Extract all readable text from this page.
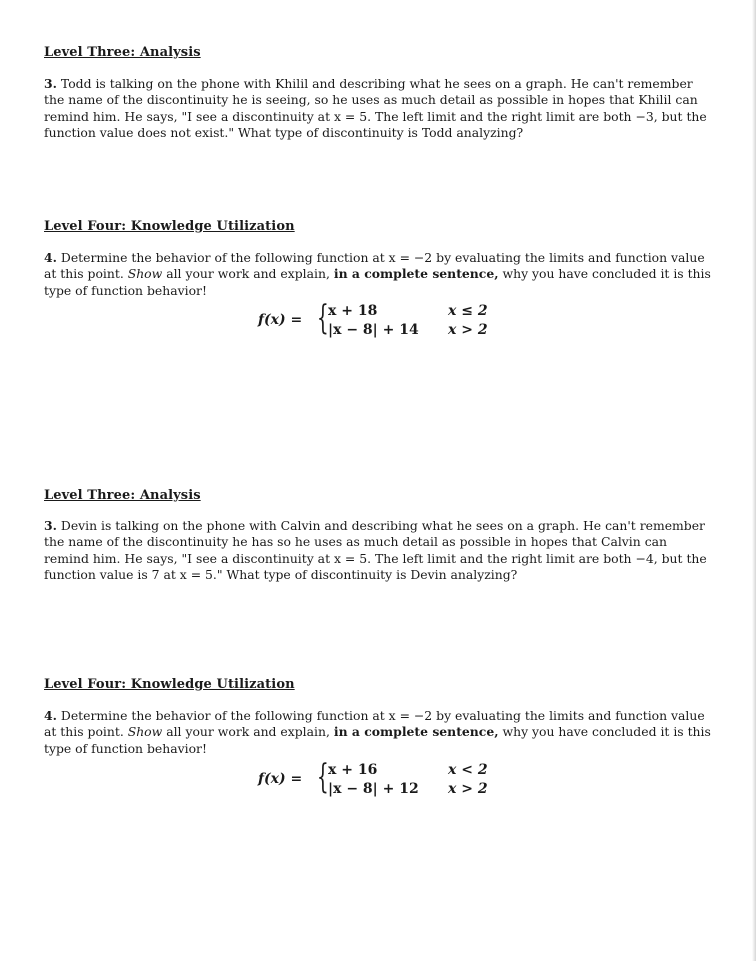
Level Three: Analysis

3. Todd is talking on the phone with Khilil and describing what he sees on a graph. He can't remember the name of the discontinuity he is seeing, so he uses as much detail as possible in hopes that Khilil can remind him. He says, "I see a discontinuity at x = 5. The left limit and the right limit are both −3, but the function value does not exist." What type of discontinuity is Todd analyzing?

Level Four: Knowledge Utilization

4. Determine the behavior of the following function at x = −2 by evaluating the limits and function value at this point. Show all your work and explain, in a complete sentence, why you have concluded it is this type of function behavior!

f(x) = { x + 18	x ≤ 2
|x − 8| + 14 x > 2

Level Three: Analysis

3. Devin is talking on the phone with Calvin and describing what he sees on a graph. He can't remember the name of the discontinuity he has so he uses as much detail as possible in hopes that Calvin can remind him. He says, "I see a discontinuity at x = 5. The left limit and the right limit are both −4, but the function value is 7 at x = 5." What type of discontinuity is Devin analyzing?

Level Four: Knowledge Utilization

4. Determine the behavior of the following function at x = −2 by evaluating the limits and function value at this point. Show all your work and explain, in a complete sentence, why you have concluded it is this type of function behavior!

f(x) = { x + 16	x < 2
|x − 8| + 12 x > 2
